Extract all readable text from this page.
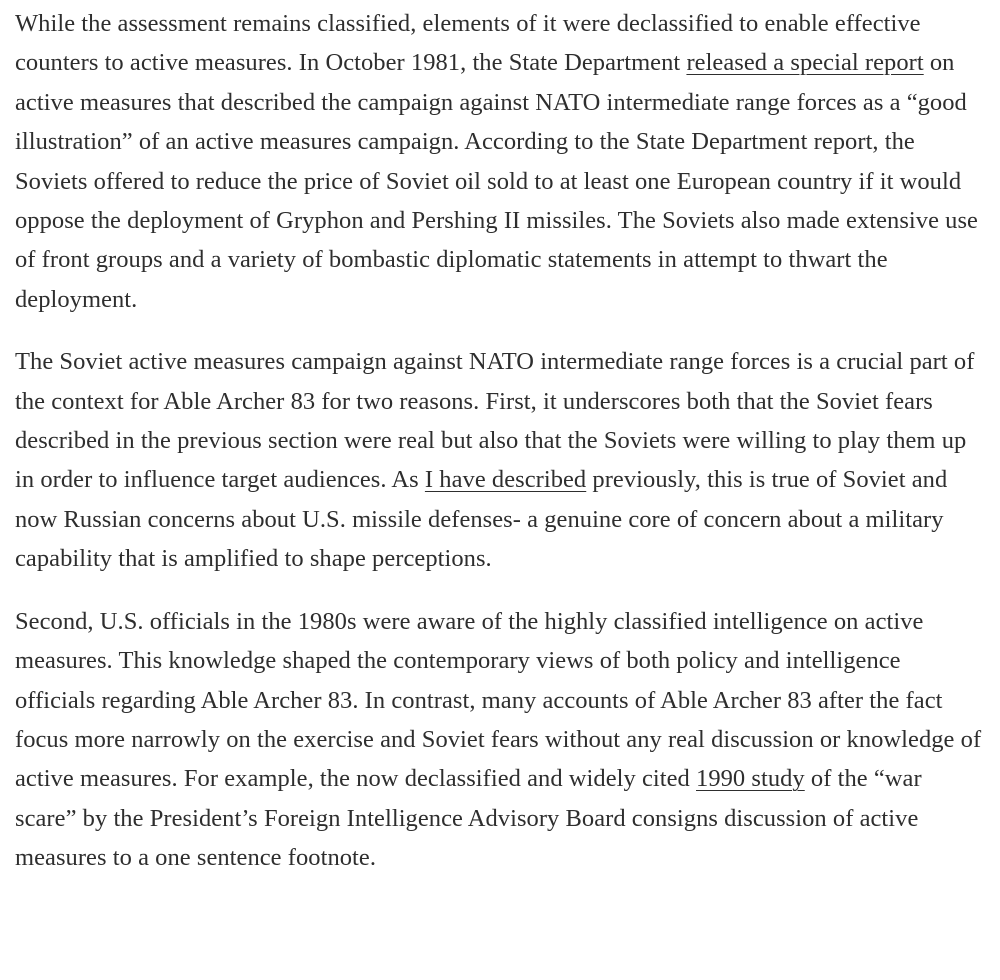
While the assessment remains classified, elements of it were declassified to enable effective counters to active measures. In October 1981, the State Department released a special report on active measures that described the campaign against NATO intermediate range forces as a “good illustration” of an active measures campaign. According to the State Department report, the Soviets offered to reduce the price of Soviet oil sold to at least one European country if it would oppose the deployment of Gryphon and Pershing II missiles. The Soviets also made extensive use of front groups and a variety of bombastic diplomatic statements in attempt to thwart the deployment.

The Soviet active measures campaign against NATO intermediate range forces is a crucial part of the context for Able Archer 83 for two reasons. First, it underscores both that the Soviet fears described in the previous section were real but also that the Soviets were willing to play them up in order to influence target audiences. As I have described previously, this is true of Soviet and now Russian concerns about U.S. missile defenses- a genuine core of concern about a military capability that is amplified to shape perceptions.

Second, U.S. officials in the 1980s were aware of the highly classified intelligence on active measures. This knowledge shaped the contemporary views of both policy and intelligence officials regarding Able Archer 83. In contrast, many accounts of Able Archer 83 after the fact focus more narrowly on the exercise and Soviet fears without any real discussion or knowledge of active measures. For example, the now declassified and widely cited 1990 study of the “war scare” by the President’s Foreign Intelligence Advisory Board consigns discussion of active measures to a one sentence footnote.
